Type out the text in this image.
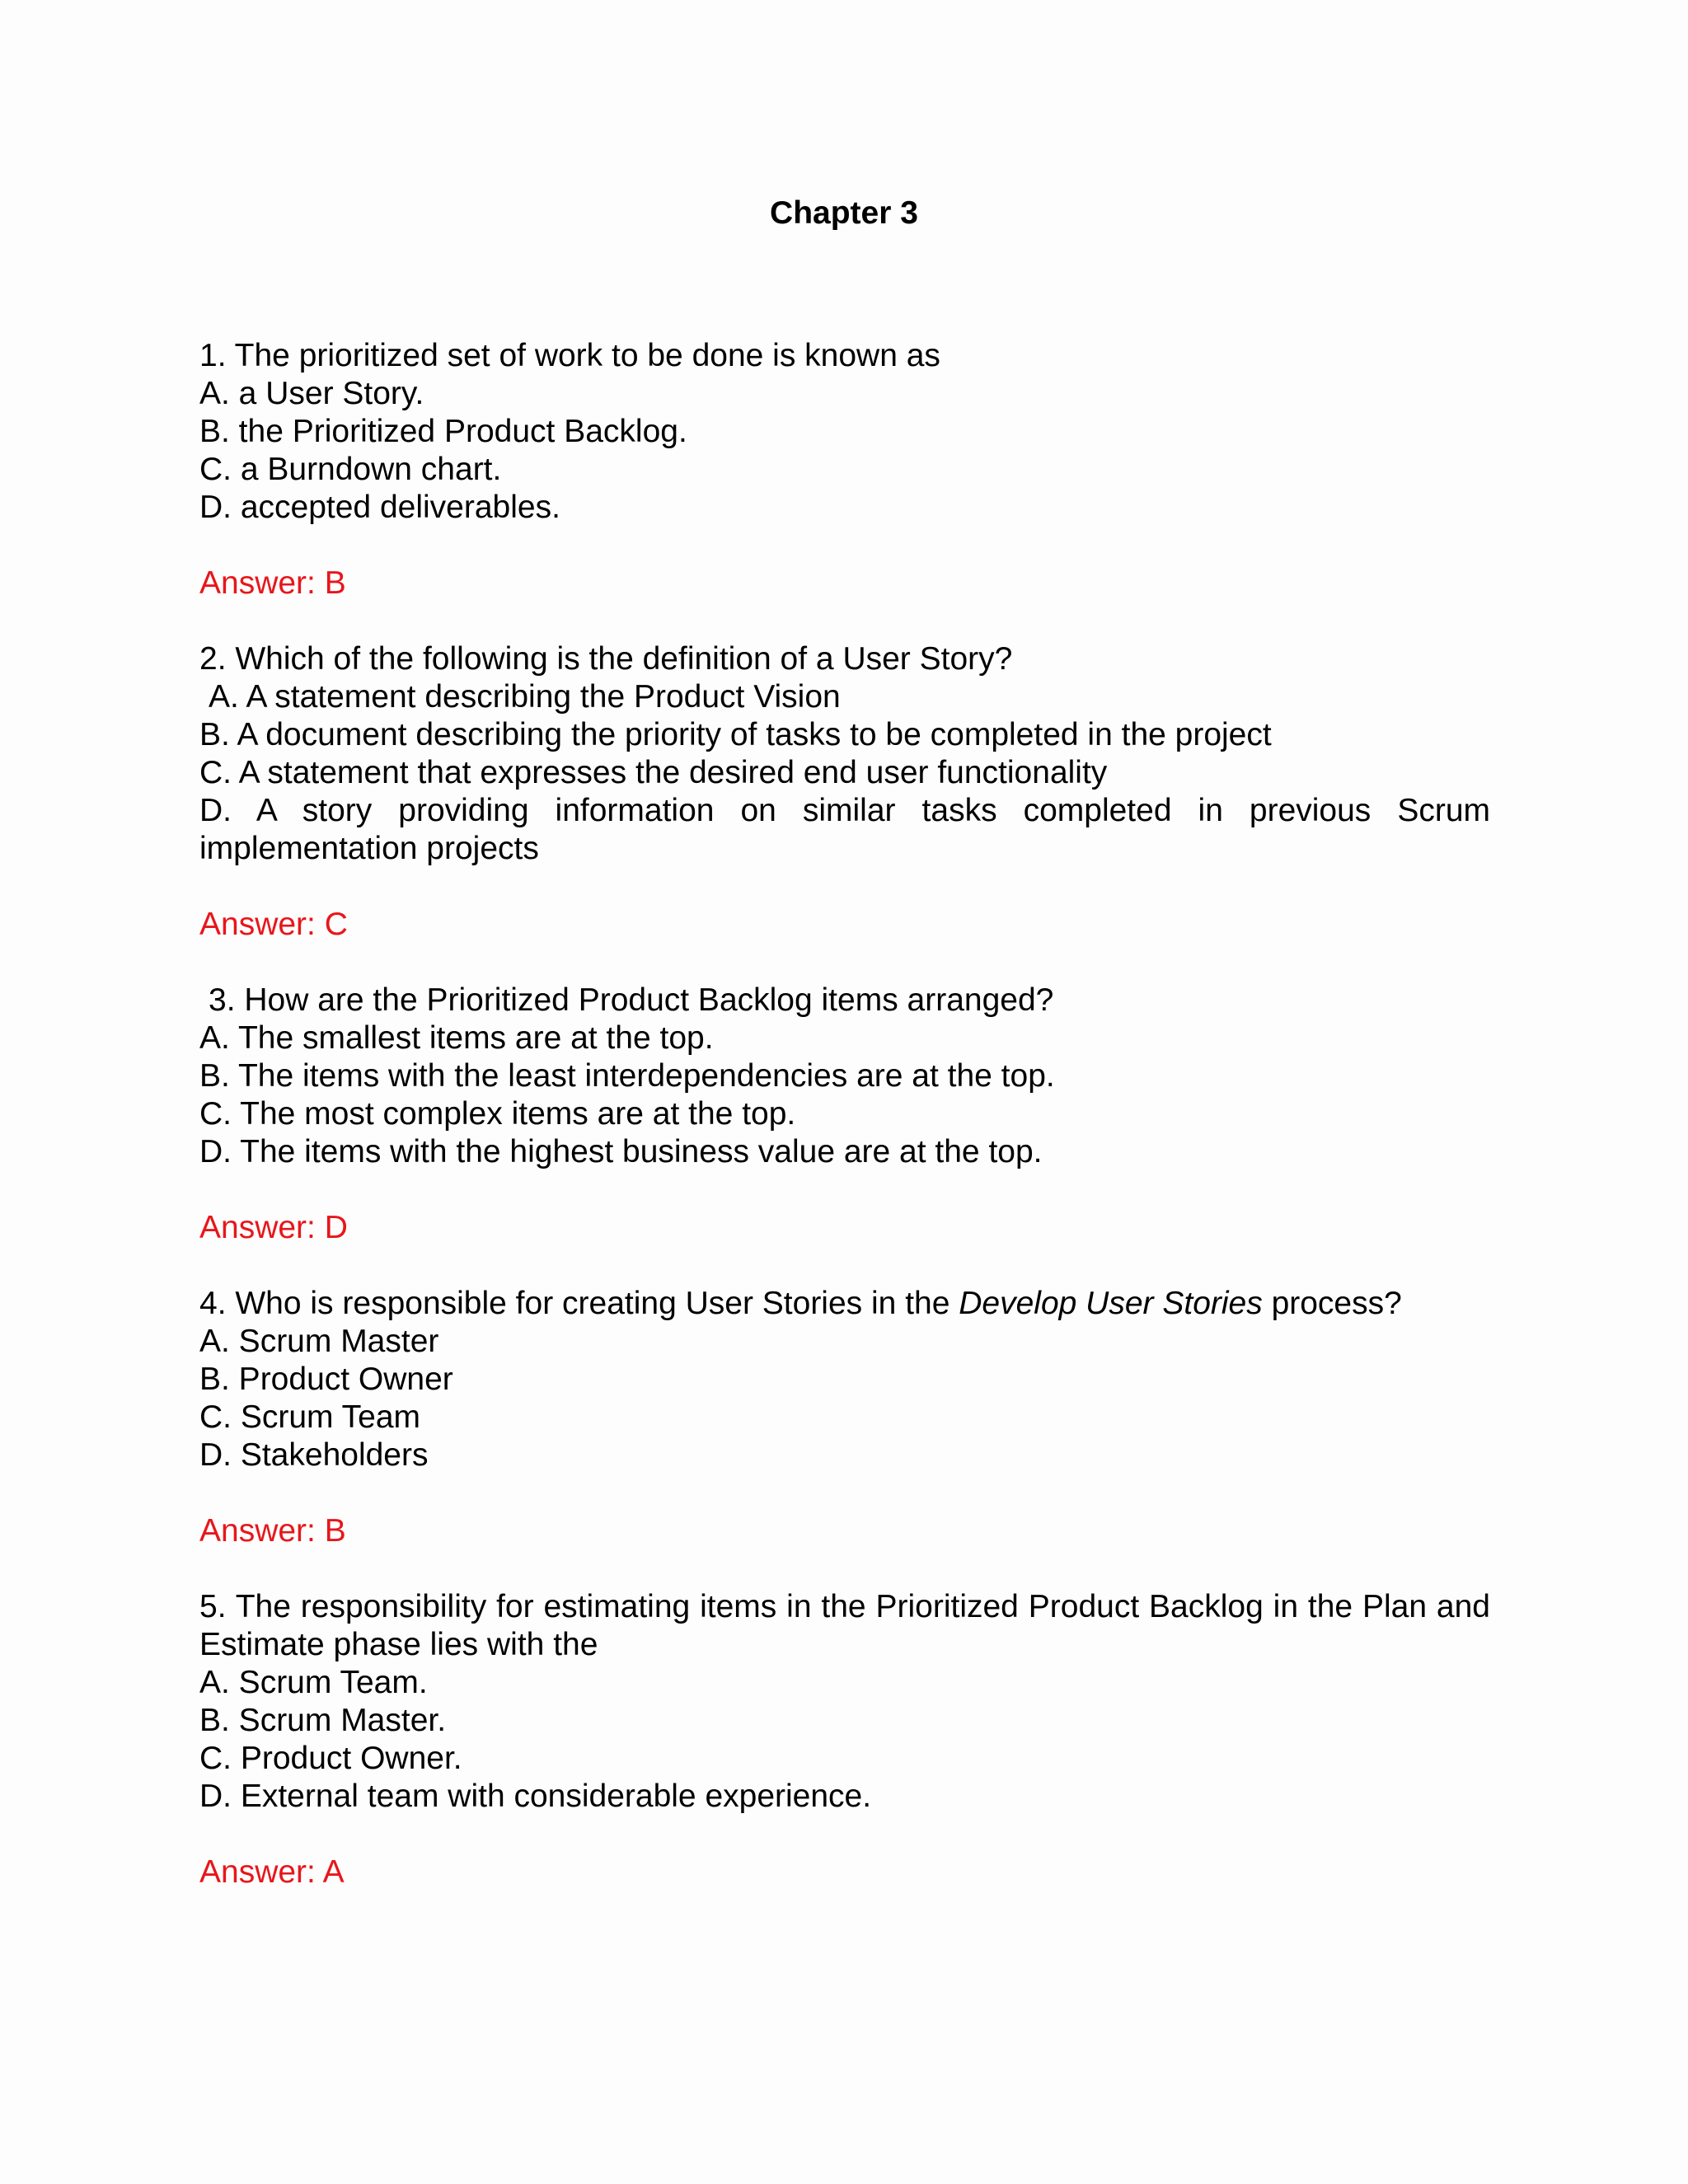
Chapter 3
1. The prioritized set of work to be done is known as
A. a User Story.
B. the Prioritized Product Backlog.
C. a Burndown chart.
D. accepted deliverables.
Answer: B
2. Which of the following is the definition of a User Story?
A. A statement describing the Product Vision
B. A document describing the priority of tasks to be completed in the project
C. A statement that expresses the desired end user functionality
D. A story providing information on similar tasks completed in previous Scrum implementation projects
Answer: C
3. How are the Prioritized Product Backlog items arranged?
A. The smallest items are at the top.
B. The items with the least interdependencies are at the top.
C. The most complex items are at the top.
D. The items with the highest business value are at the top.
Answer: D
4. Who is responsible for creating User Stories in the Develop User Stories process?
A. Scrum Master
B. Product Owner
C. Scrum Team
D. Stakeholders
Answer: B
5. The responsibility for estimating items in the Prioritized Product Backlog in the Plan and Estimate phase lies with the
A. Scrum Team.
B. Scrum Master.
C. Product Owner.
D. External team with considerable experience.
Answer: A
